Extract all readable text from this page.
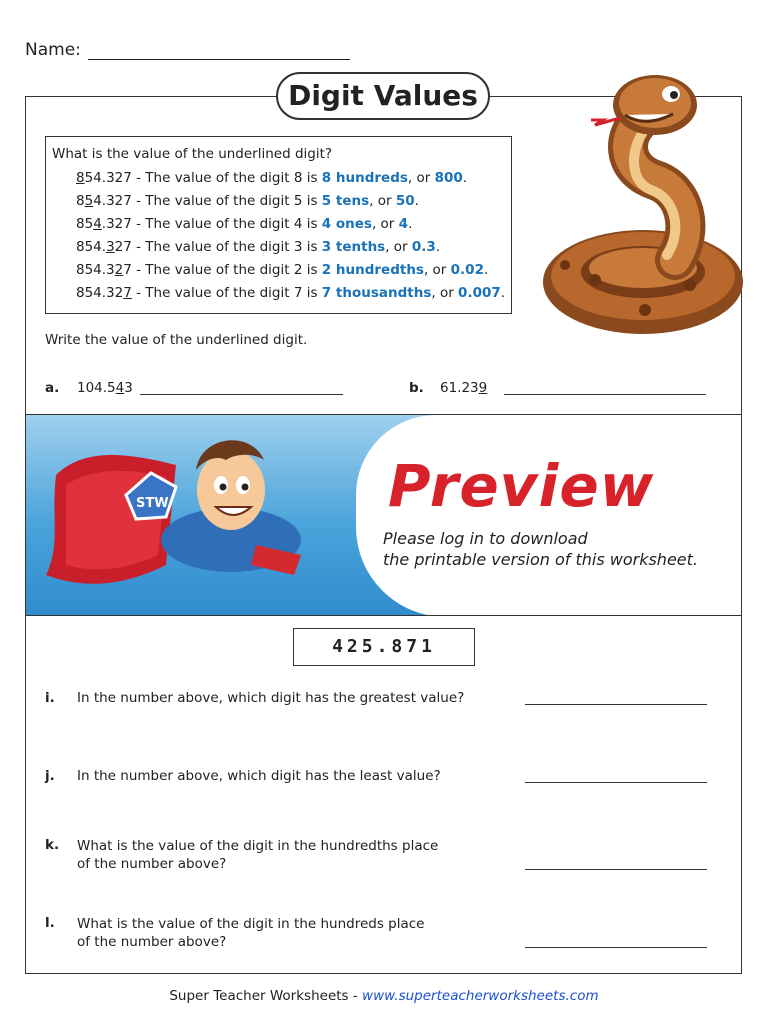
Name:
Digit Values
What is the value of the underlined digit?
854.327 - The value of the digit 8 is 8 hundreds, or 800.
854.327 - The value of the digit 5 is 5 tens, or 50.
854.327 - The value of the digit 4 is 4 ones, or 4.
854.327 - The value of the digit 3 is 3 tenths, or 0.3.
854.327 - The value of the digit 2 is 2 hundredths, or 0.02.
854.327 - The value of the digit 7 is 7 thousandths, or 0.007.
Write the value of the underlined digit.
a. 104.543	b. 61.239
STW	Preview
Please log in to download
the printable version of this worksheet.
425.871
i. In the number above, which digit has the greatest value?
j. In the number above, which digit has the least value?
k. What is the value of the digit in the hundredths place
of the number above?
l. What is the value of the digit in the hundreds place
of the number above?
Super Teacher Worksheets - www.superteacherworksheets.com
